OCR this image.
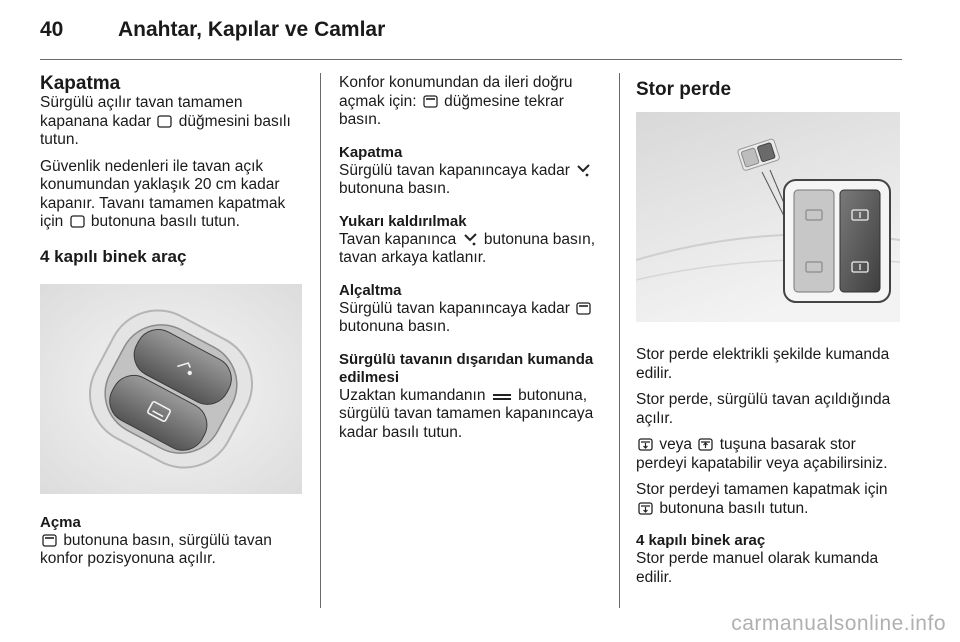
40	Anahtar, Kapılar ve Camlar
Kapatma

Sürgülü açılır tavan tamamen kapanana kadar düğmesini basılı tutun.

Güvenlik nedenleri ile tavan açık konumundan yaklaşık 20 cm kadar kapanır. Tavanı tamamen kapatmak için butonuna basılı tutun.

4 kapılı binek araç
Açma

butonuna basın, sürgülü tavan konfor pozisyonuna açılır.

Konfor konumundan da ileri doğru açmak için: düğmesine tekrar basın.

Kapatma
Sürgülü tavan kapanıncaya kadar  butonuna basın.
Yukarı kaldırılmak
Tavan kapanınca butonuna basın, tavan arkaya katlanır.
Alçaltma
Sürgülü tavan kapanıncaya kadar  butonuna basın.
Sürgülü tavanın dışarıdan kumanda edilmesi
Uzaktan kumandanın butonuna, sürgülü tavan tamamen kapanıncaya kadar basılı tutun.
Stor perde

Stor perde elektrikli şekilde kumanda edilir.

Stor perde, sürgülü tavan açıldığında açılır.

veya tuşuna basarak stor perdeyi kapatabilir veya açabilirsiniz.

Stor perdeyi tamamen kapatmak için  butonuna basılı tutun.

4 kapılı binek araç

Stor perde manuel olarak kumanda edilir.

carmanualsonline.info
